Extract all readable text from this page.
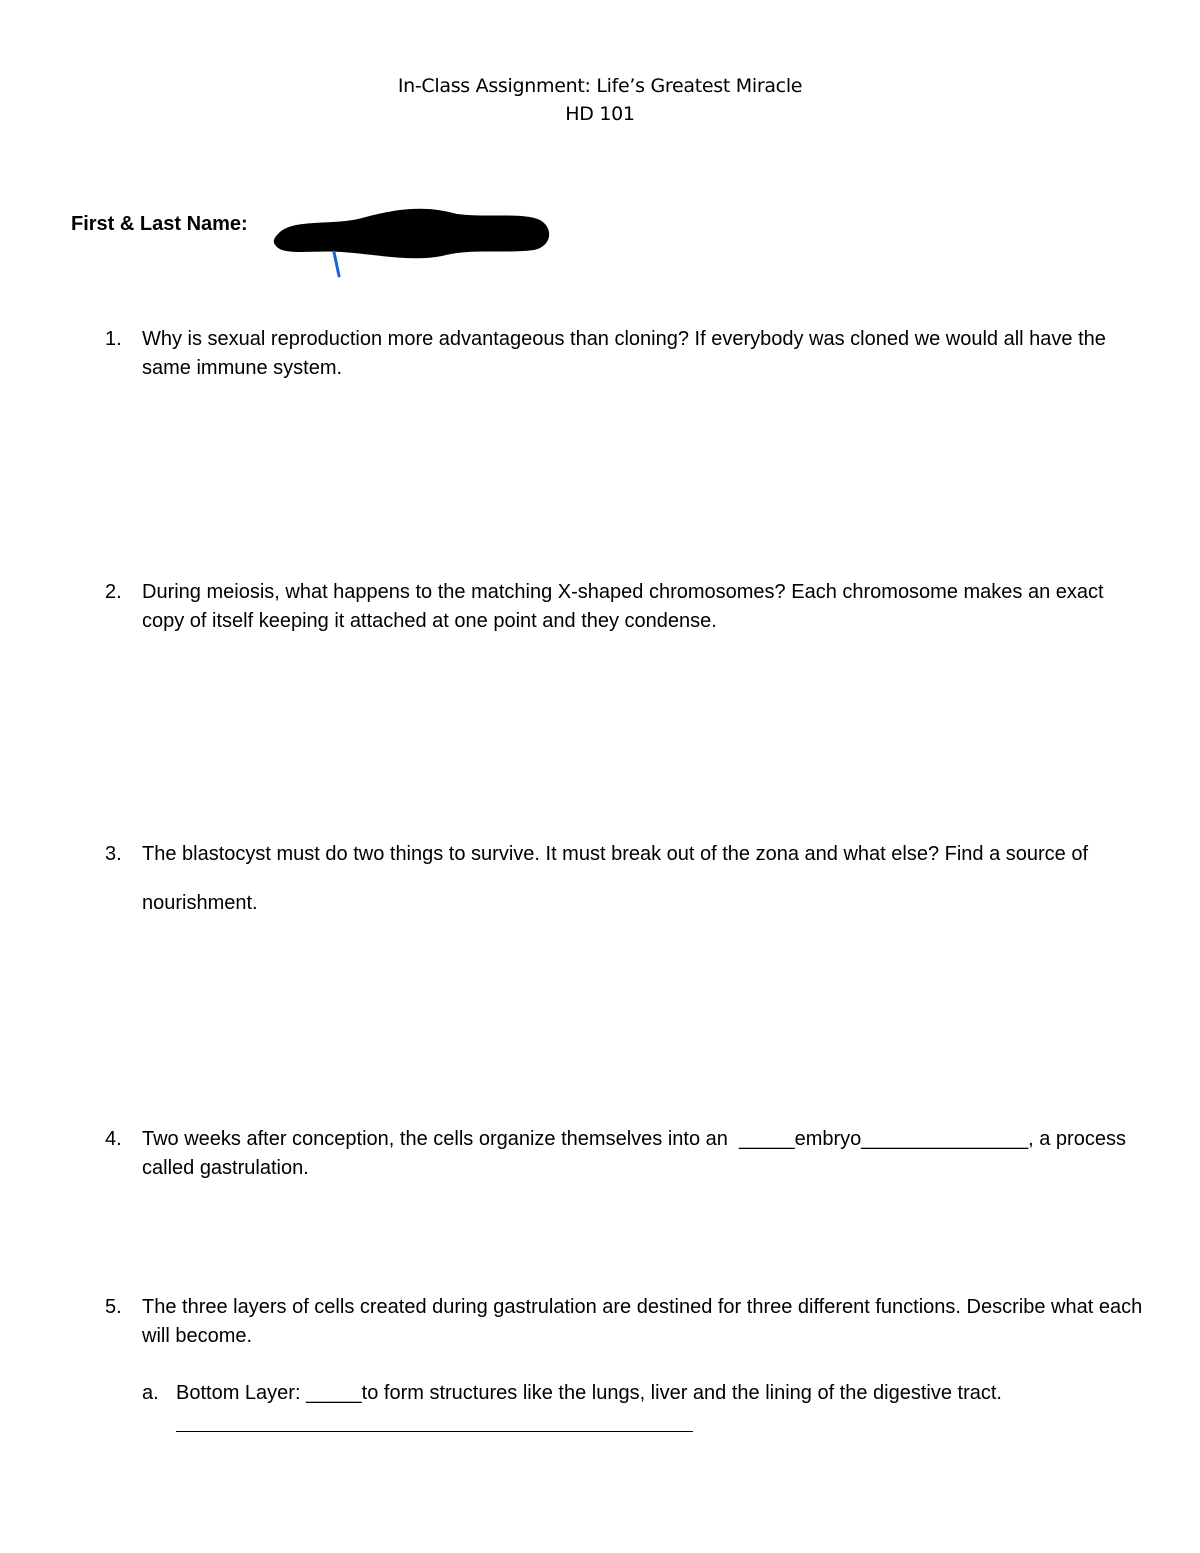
In-Class Assignment: Life’s Greatest Miracle
HD 101
First & Last Name:
1.	Why is sexual reproduction more advantageous than cloning? If everybody was cloned we would all have the same immune system.
2.	During meiosis, what happens to the matching X-shaped chromosomes? Each chromosome makes an exact copy of itself keeping it attached at one point and they condense.
3.	The blastocyst must do two things to survive. It must break out of the zona and what else? Find a source of nourishment.
4.	Two weeks after conception, the cells organize themselves into an  _____embryo_______________, a process called gastrulation.
5.	The three layers of cells created during gastrulation are destined for three different functions. Describe what each will become.
a. Bottom Layer: _____to form structures like the lungs, liver and the lining of the digestive tract.
